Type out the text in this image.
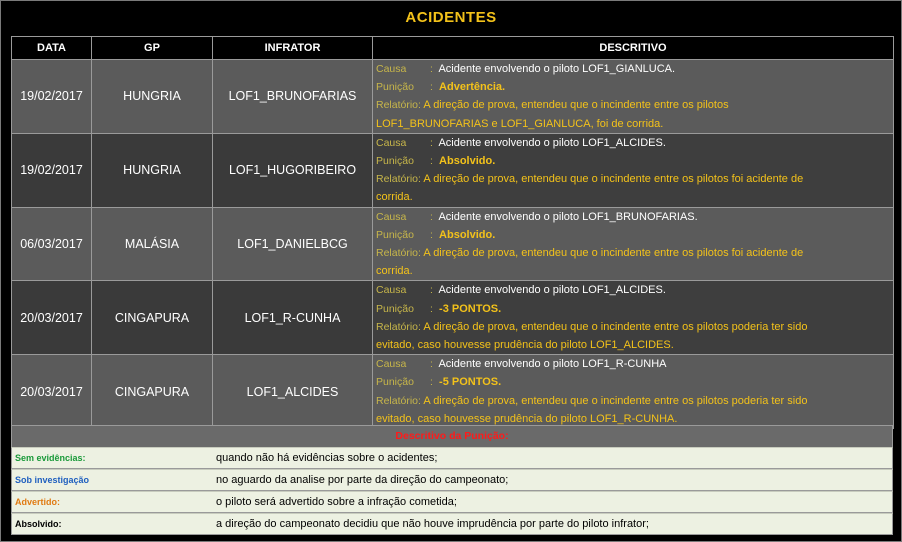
ACIDENTES
DATA	GP	INFRATOR	DESCRITIVO
19/02/2017	HUNGRIA	LOF1_BRUNOFARIAS	Causa : Acidente envolvendo o piloto LOF1_GIANLUCA.
Punição : Advertência.
Relatório: A direção de prova, entendeu que o incindente entre os pilotos
LOF1_BRUNOFARIAS e LOF1_GIANLUCA, foi de corrida.

19/02/2017	HUNGRIA	LOF1_HUGORIBEIRO	Causa : Acidente envolvendo o piloto LOF1_ALCIDES.
Punição : Absolvido.
Relatório: A direção de prova, entendeu que o incindente entre os pilotos foi acidente de
corrida.

06/03/2017	MALÁSIA	LOF1_DANIELBCG	Causa : Acidente envolvendo o piloto LOF1_BRUNOFARIAS.
Punição : Absolvido.
Relatório: A direção de prova, entendeu que o incindente entre os pilotos foi acidente de
corrida.

20/03/2017	CINGAPURA	LOF1_R-CUNHA	Causa : Acidente envolvendo o piloto LOF1_ALCIDES.
Punição : -3 PONTOS.
Relatório: A direção de prova, entendeu que o incindente entre os pilotos poderia ter sido
evitado, caso houvesse prudência do piloto LOF1_ALCIDES.

20/03/2017	CINGAPURA	LOF1_ALCIDES	Causa : Acidente envolvendo o piloto LOF1_R-CUNHA
Punição : -5 PONTOS.
Relatório: A direção de prova, entendeu que o incindente entre os pilotos poderia ter sido
evitado, caso houvesse prudência do piloto LOF1_R-CUNHA.
Descritivo da Punição:
Sem evidências:	quando não há evidências sobre o acidentes;
Sob investigação	no aguardo da analise por parte da direção do campeonato;
Advertido:	o piloto será advertido sobre a infração cometida;
Absolvido:	a direção do campeonato decidiu que não houve imprudência por parte do piloto infrator;
